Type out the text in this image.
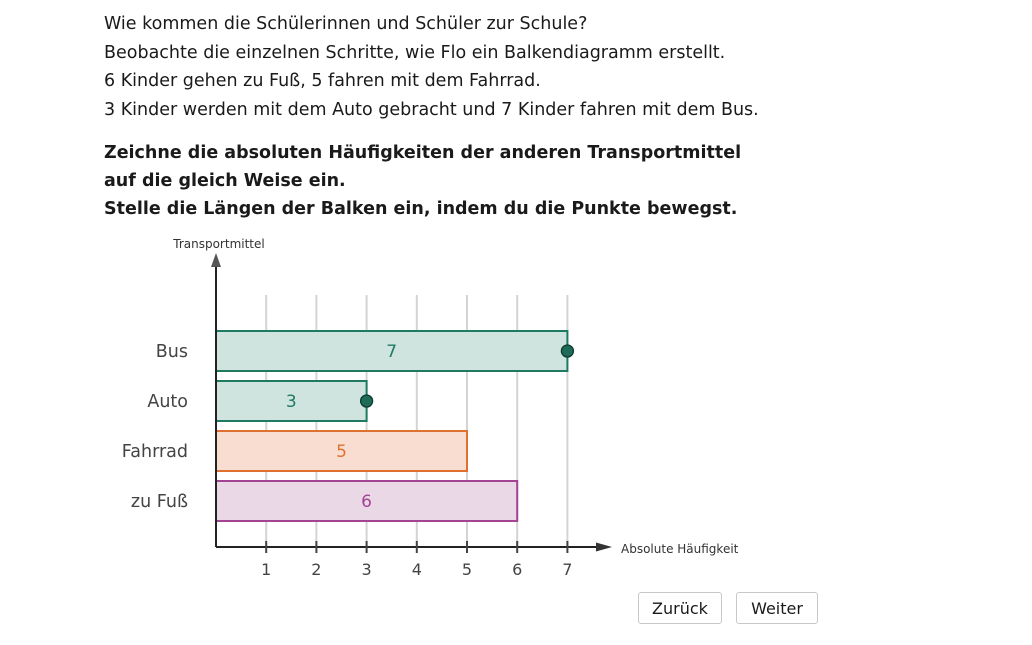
Wie kommen die Schülerinnen und Schüler zur Schule?

Beobachte die einzelnen Schritte, wie Flo ein Balkendiagramm erstellt.

6 Kinder gehen zu Fuß, 5 fahren mit dem Fahrrad.

3 Kinder werden mit dem Auto gebracht und 7 Kinder fahren mit dem Bus.

Zeichne die absoluten Häufigkeiten der anderen Transportmittel

auf die gleich Weise ein.

Stelle die Längen der Balken ein, indem du die Punkte bewegst.

6
zu Fuß
5
Fahrrad
3
Auto
7
Bus
1	2	3	4	5	6	7
Transportmittel
Absolute Häufigkeit
Zurück	Weiter
